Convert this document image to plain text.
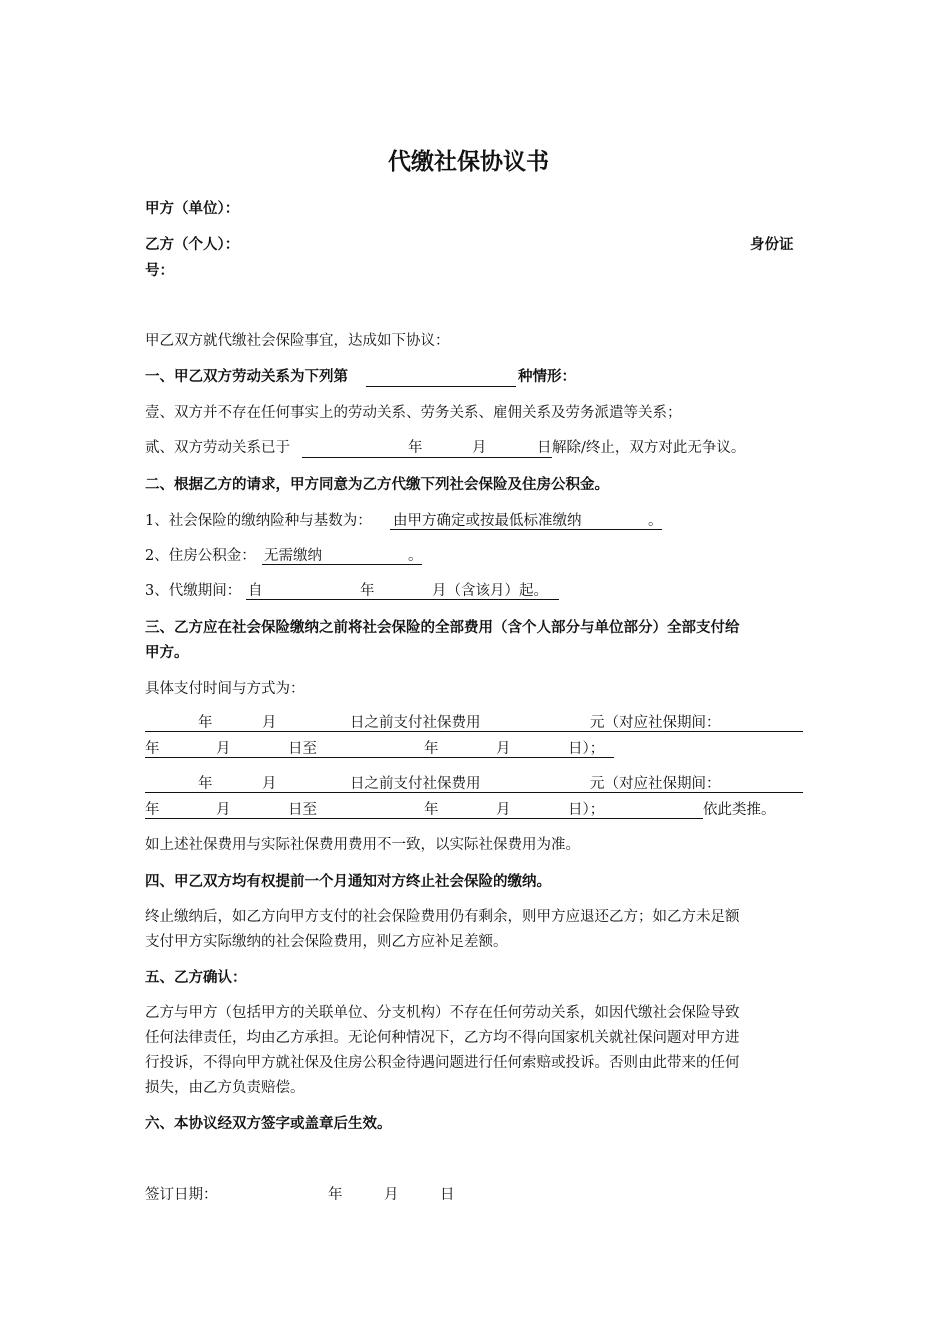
代缴社保协议书
甲方（单位）：
乙方（个人）：	身份证
号：
甲乙双方就代缴社会保险事宜，达成如下协议：
一、甲乙双方劳动关系为下列第	种情形：
壹、双方并不存在任何事实上的劳动关系、劳务关系、雇佣关系及劳务派遣等关系；
贰、双方劳动关系已于	年	月	日 解除/终止，双方对此无争议。
二、根据乙方的请求，甲方同意为乙方代缴下列社会保险及住房公积金。
1、社会保险的缴纳险种与基数为： 由甲方确定或按最低标准缴纳	。
2、住房公积金： 无需缴纳	。
3、代缴期间： 自	年	月（含该月）起。
三、乙方应在社会保险缴纳之前将社会保险的全部费用（含个人部分与单位部分）全部支付给
甲方。
具体支付时间与方式为：
年	月	日之前支付社保费用	元（对应社保期间：
年	月	日至	年	月	日）；
年	月	日之前支付社保费用	元（对应社保期间：
年	月	日至	年	月	日）；	依此类推。
如上述社保费用与实际社保费用费用不一致，以实际社保费用为准。
四、甲乙双方均有权提前一个月通知对方终止社会保险的缴纳。
终止缴纳后，如乙方向甲方支付的社会保险费用仍有剩余，则甲方应退还乙方；如乙方未足额
支付甲方实际缴纳的社会保险费用，则乙方应补足差额。
五、乙方确认：
乙方与甲方（包括甲方的关联单位、分支机构）不存在任何劳动关系，如因代缴社会保险导致
任何法律责任，均由乙方承担。无论何种情况下，乙方均不得向国家机关就社保问题对甲方进
行投诉，不得向甲方就社保及住房公积金待遇问题进行任何索赔或投诉。否则由此带来的任何
损失，由乙方负责赔偿。
六、本协议经双方签字或盖章后生效。
签订日期：	年	月	日
